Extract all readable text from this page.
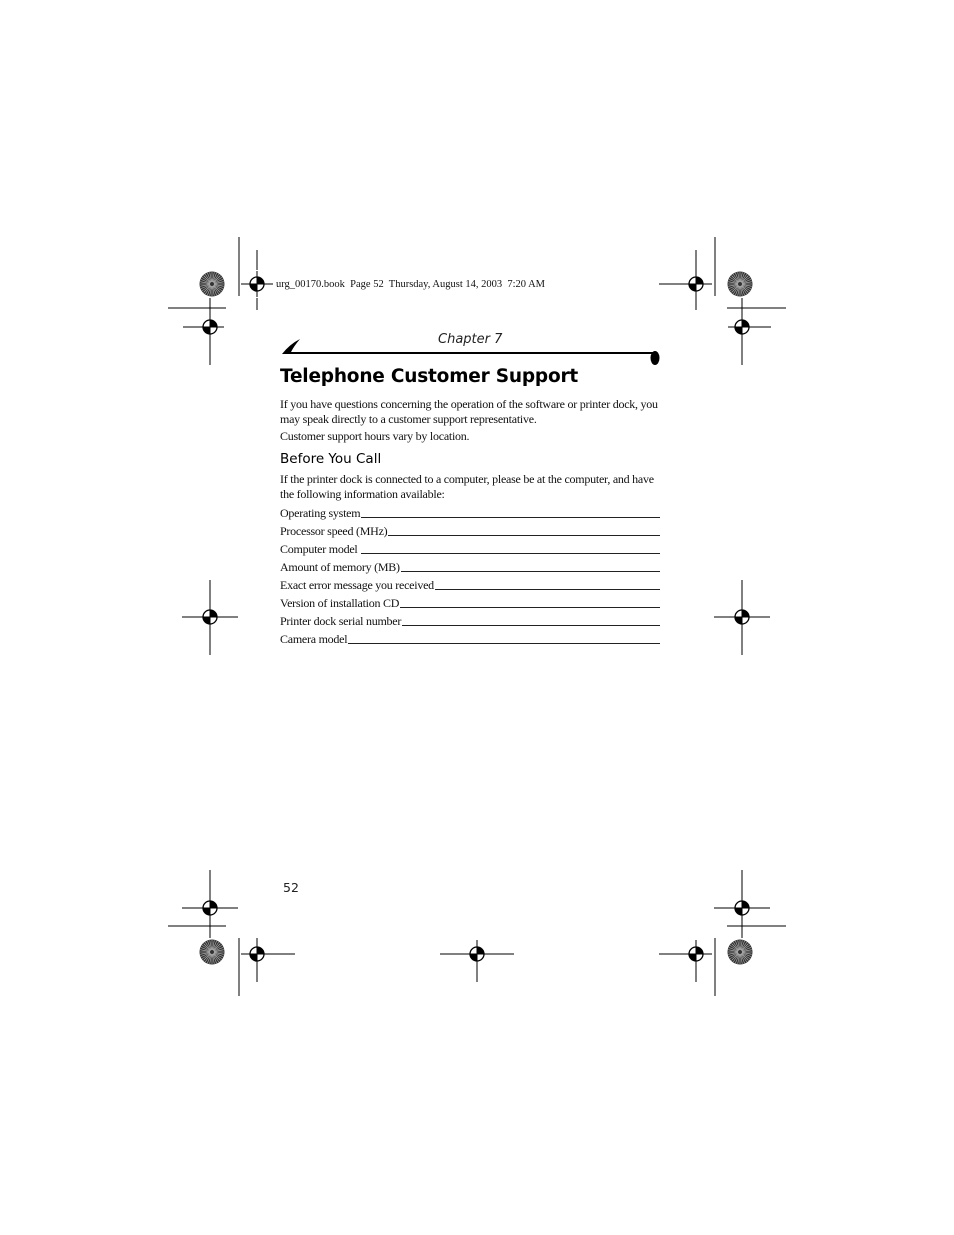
urg_00170.book  Page 52  Thursday, August 14, 2003  7:20 AM
Chapter 7
Telephone Customer Support
If you have questions concerning the operation of the software or printer dock, you may speak directly to a customer support representative.
Customer support hours vary by location.
Before You Call
If the printer dock is connected to a computer, please be at the computer, and have the following information available:
Operating system
Processor speed (MHz)
Computer model
Amount of memory (MB)
Exact error message you received
Version of installation CD
Printer dock serial number
Camera model
52
